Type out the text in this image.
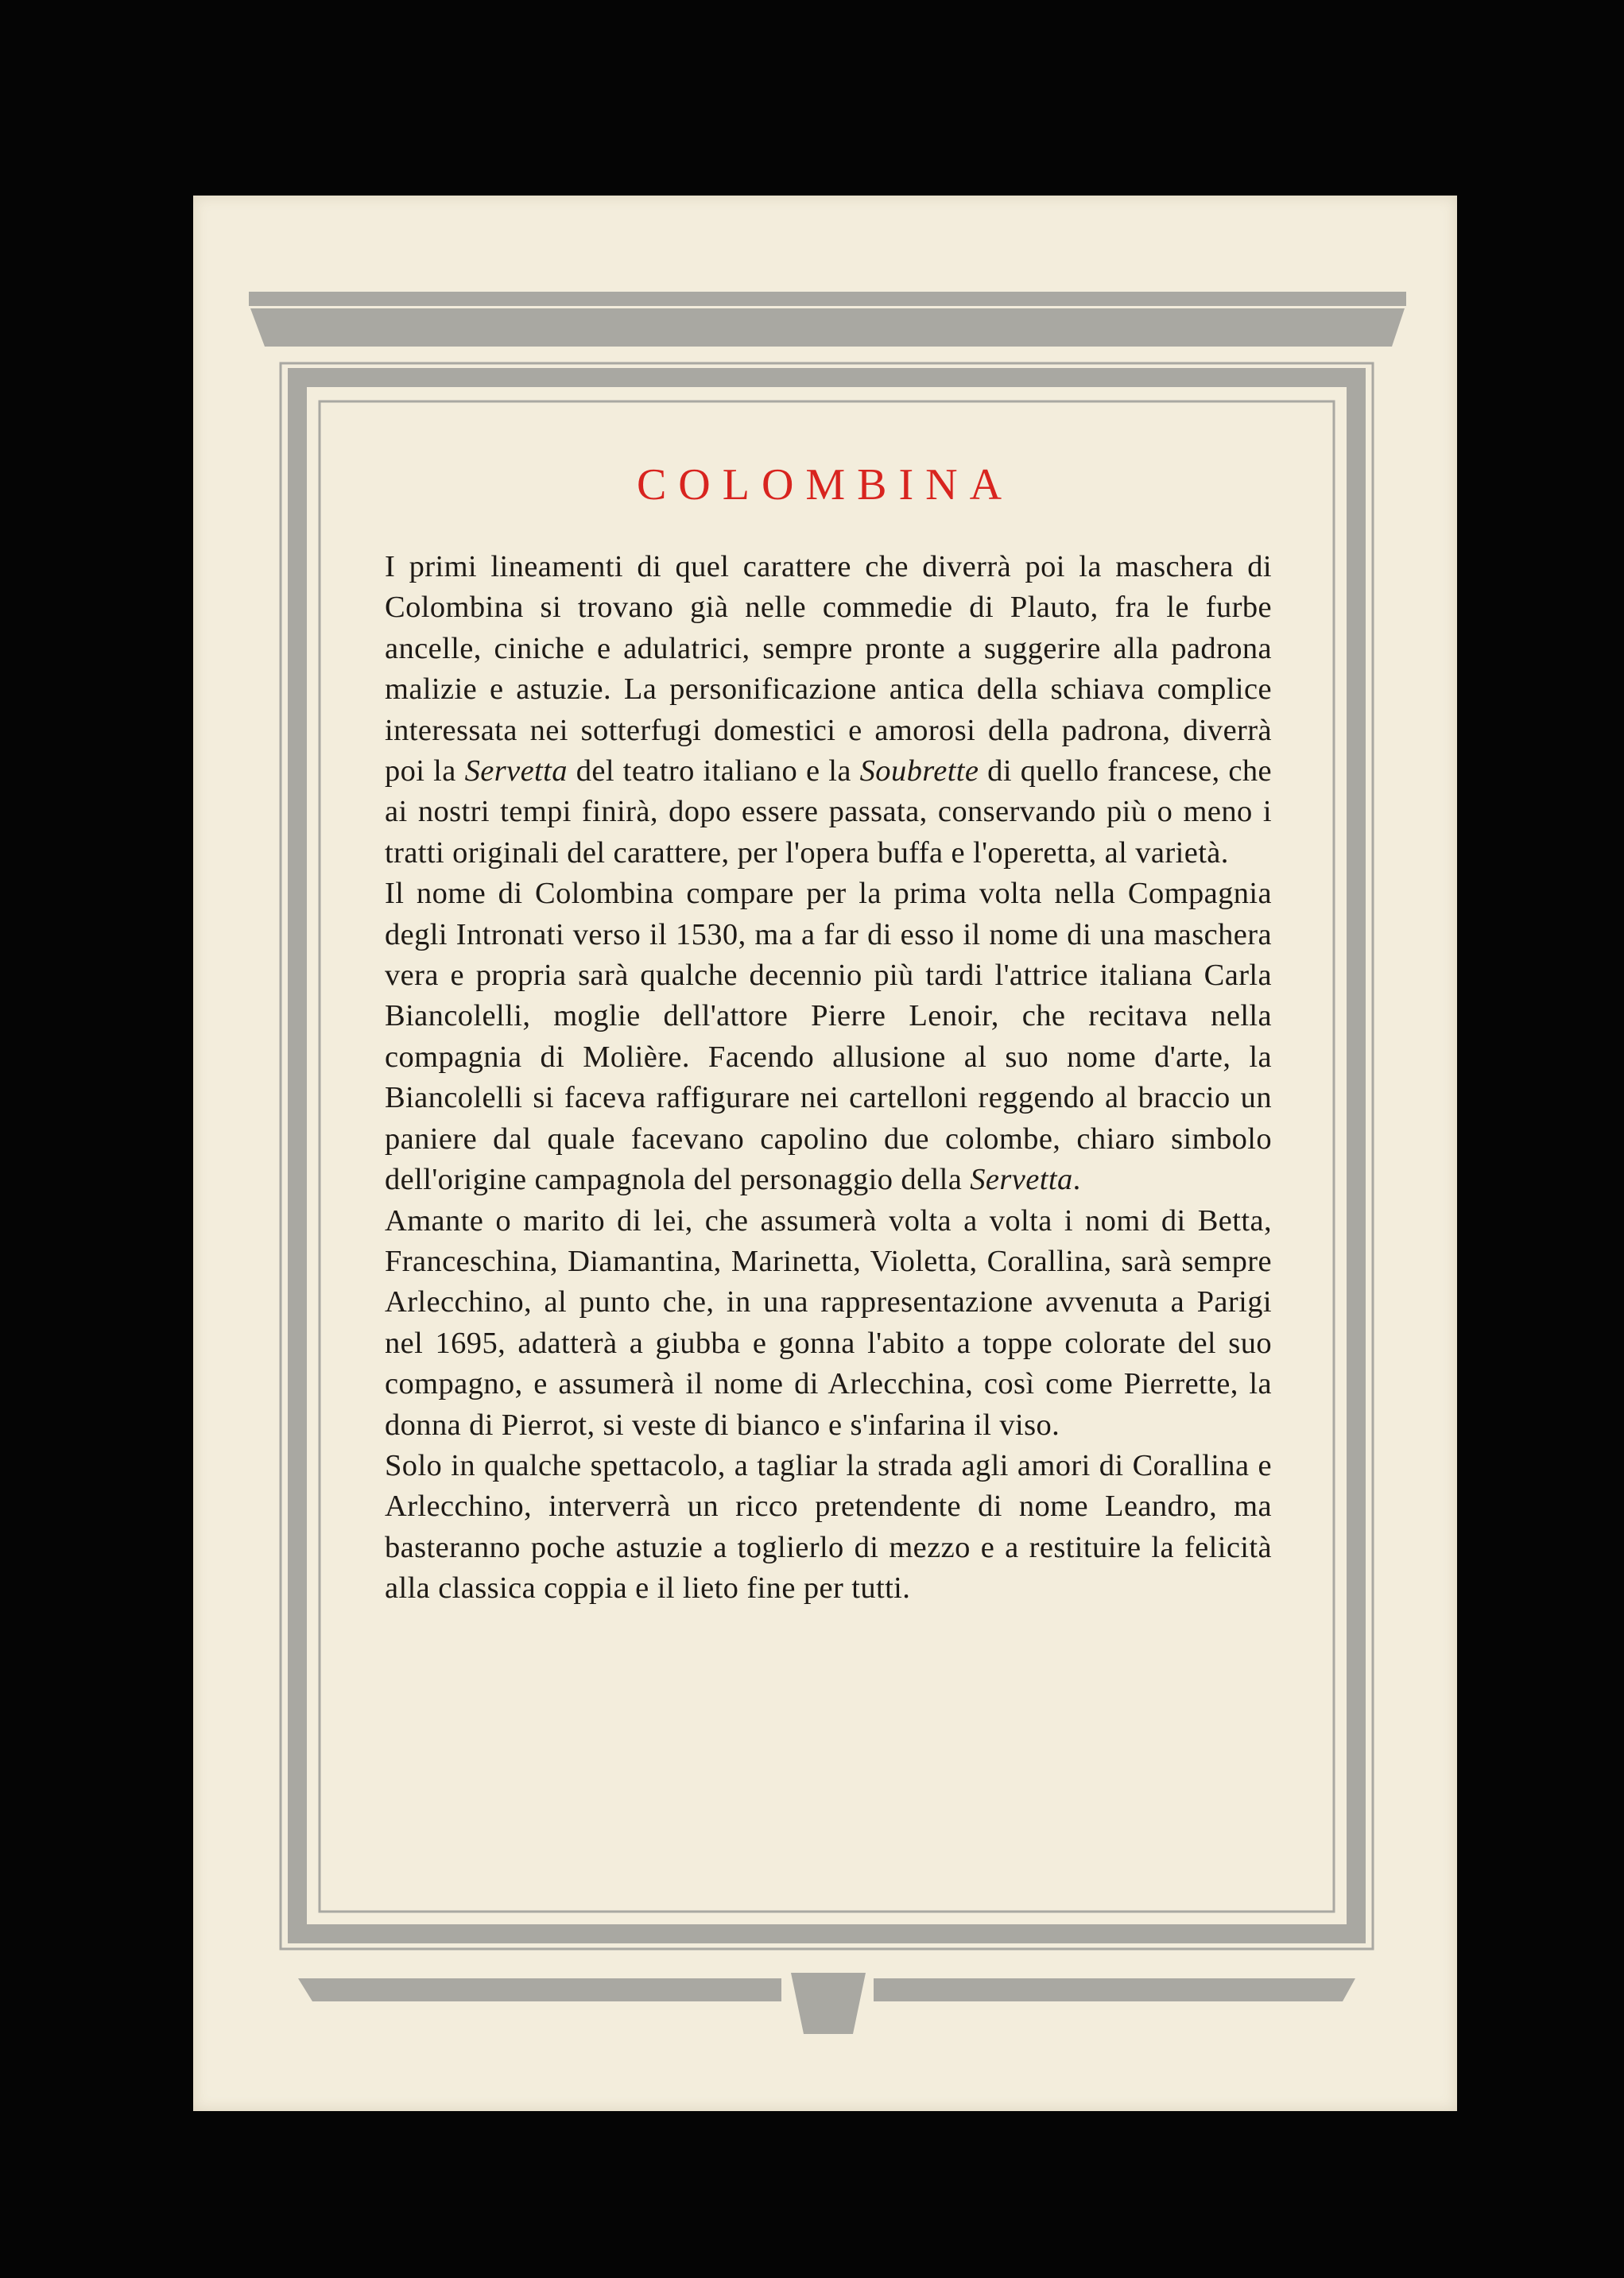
COLOMBINA

I primi lineamenti di quel carattere che diverrà poi la maschera di Colombina si trovano già nelle commedie di Plauto, fra le furbe ancelle, ciniche e adulatrici, sempre pronte a suggerire alla padrona malizie e astuzie. La personificazione antica della schiava complice interessata nei sotterfugi domestici e amorosi della padrona, diverrà poi la Servetta del teatro italiano e la Soubrette di quello francese, che ai nostri tempi finirà, dopo essere passata, conservando più o meno i tratti originali del carattere, per l'opera buffa e l'operetta, al varietà.

Il nome di Colombina compare per la prima volta nella Compagnia degli Intronati verso il 1530, ma a far di esso il nome di una maschera vera e propria sarà qualche decennio più tardi l'attrice italiana Carla Biancolelli, moglie dell'attore Pierre Lenoir, che recitava nella compagnia di Molière. Facendo allusione al suo nome d'arte, la Biancolelli si faceva raffigurare nei cartelloni reggendo al braccio un paniere dal quale facevano capolino due colombe, chiaro simbolo dell'origine campagnola del personaggio della Servetta.

Amante o marito di lei, che assumerà volta a volta i nomi di Betta, Franceschina, Diamantina, Marinetta, Violetta, Corallina, sarà sempre Arlecchino, al punto che, in una rappresentazione avvenuta a Parigi nel 1695, adatterà a giubba e gonna l'abito a toppe colorate del suo compagno, e assumerà il nome di Arlecchina, così come Pierrette, la donna di Pierrot, si veste di bianco e s'infarina il viso.

Solo in qualche spettacolo, a tagliar la strada agli amori di Corallina e Arlecchino, interverrà un ricco pretendente di nome Leandro, ma basteranno poche astuzie a toglierlo di mezzo e a restituire la felicità alla classica coppia e il lieto fine per tutti.
